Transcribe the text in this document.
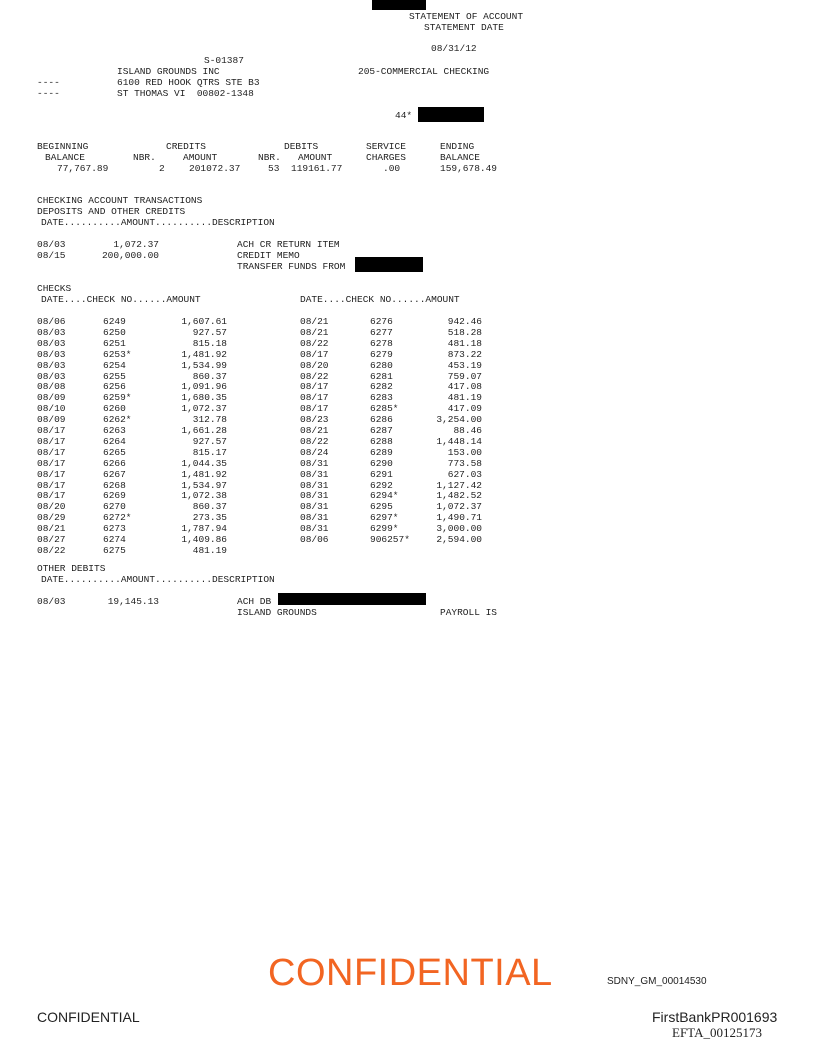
STATEMENT OF ACCOUNT
STATEMENT DATE
08/31/12
S-01387
ISLAND GROUNDS INC	205-COMMERCIAL CHECKING
----	6100 RED HOOK QTRS STE B3
----	ST THOMAS VI  00802-1348
44*
BEGINNING	CREDITS	DEBITS	SERVICE	ENDING
BALANCE	NBR.	AMOUNT	NBR. AMOUNT	CHARGES	BALANCE
77,767.89	2	201072.37	53 119161.77	.00	159,678.49
CHECKING ACCOUNT TRANSACTIONS
DEPOSITS AND OTHER CREDITS
DATE..........AMOUNT..........DESCRIPTION
08/03	1,072.37	ACH CR RETURN ITEM
08/15	200,000.00	CREDIT MEMO
TRANSFER FUNDS FROM
CHECKS
DATE....CHECK NO......AMOUNT	DATE....CHECK NO......AMOUNT
08/06	6249	1,607.61
08/03	6250	927.57
08/03	6251	815.18
08/03	6253*	1,481.92
08/03	6254	1,534.99
08/03	6255	860.37
08/08	6256	1,091.96
08/09	6259*	1,680.35
08/10	6260	1,072.37
08/09	6262*	312.78
08/17	6263	1,661.28
08/17	6264	927.57
08/17	6265	815.17
08/17	6266	1,044.35
08/17	6267	1,481.92
08/17	6268	1,534.97
08/17	6269	1,072.38
08/20	6270	860.37
08/29	6272*	273.35
08/21	6273	1,787.94
08/27	6274	1,409.86
08/22	6275	481.19
08/21	6276	942.46
08/21	6277	518.28
08/22	6278	481.18
08/17	6279	873.22
08/20	6280	453.19
08/22	6281	759.07
08/17	6282	417.08
08/17	6283	481.19
08/17	6285*	417.09
08/23	6286	3,254.00
08/21	6287	88.46
08/22	6288	1,448.14
08/24	6289	153.00
08/31	6290	773.58
08/31	6291	627.03
08/31	6292	1,127.42
08/31	6294*	1,482.52
08/31	6295	1,072.37
08/31	6297*	1,490.71
08/31	6299*	3,000.00
08/06	906257*	2,594.00
OTHER DEBITS
DATE..........AMOUNT..........DESCRIPTION
08/03	19,145.13	ACH DB
ISLAND GROUNDS	PAYROLL IS
CONFIDENTIAL	SDNY_GM_00014530
CONFIDENTIAL	FirstBankPR001693
EFTA_00125173
